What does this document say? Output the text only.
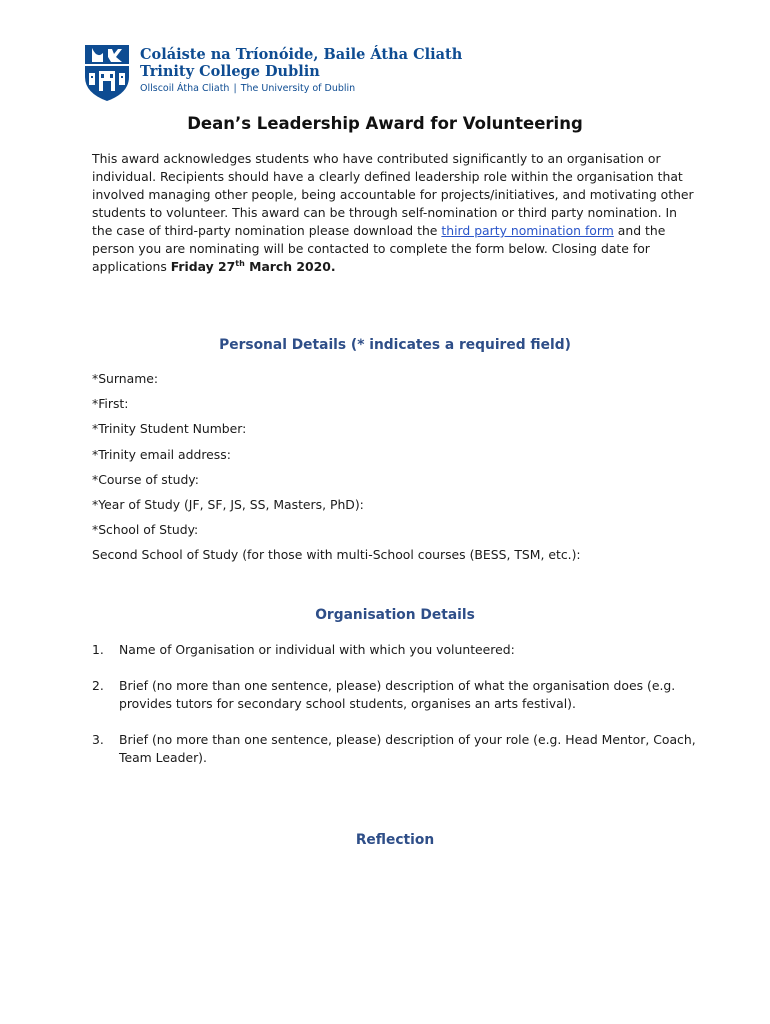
Coláiste na Tríonóide, Baile Átha Cliath
Trinity College Dublin
Ollscoil Átha Cliath | The University of Dublin
Dean’s Leadership Award for Volunteering

This award acknowledges students who have contributed significantly to an organisation or individual. Recipients should have a clearly defined leadership role within the organisation that involved managing other people, being accountable for projects/initiatives, and motivating other students to volunteer. This award can be through self-nomination or third party nomination. In the case of third-party nomination please download the third party nomination form and the person you are nominating will be contacted to complete the form below. Closing date for applications Friday 27th March 2020.

Personal Details (* indicates a required field)
*Surname:
*First:
*Trinity Student Number:
*Trinity email address:
*Course of study:
*Year of Study (JF, SF, JS, SS, Masters, PhD):
*School of Study:
Second School of Study (for those with multi-School courses (BESS, TSM, etc.):
Organisation Details
1.	Name of Organisation or individual with which you volunteered:
2.	Brief (no more than one sentence, please) description of what the organisation does (e.g. provides tutors for secondary school students, organises an arts festival).
3.	Brief (no more than one sentence, please) description of your role (e.g. Head Mentor, Coach, Team Leader).
Reflection
